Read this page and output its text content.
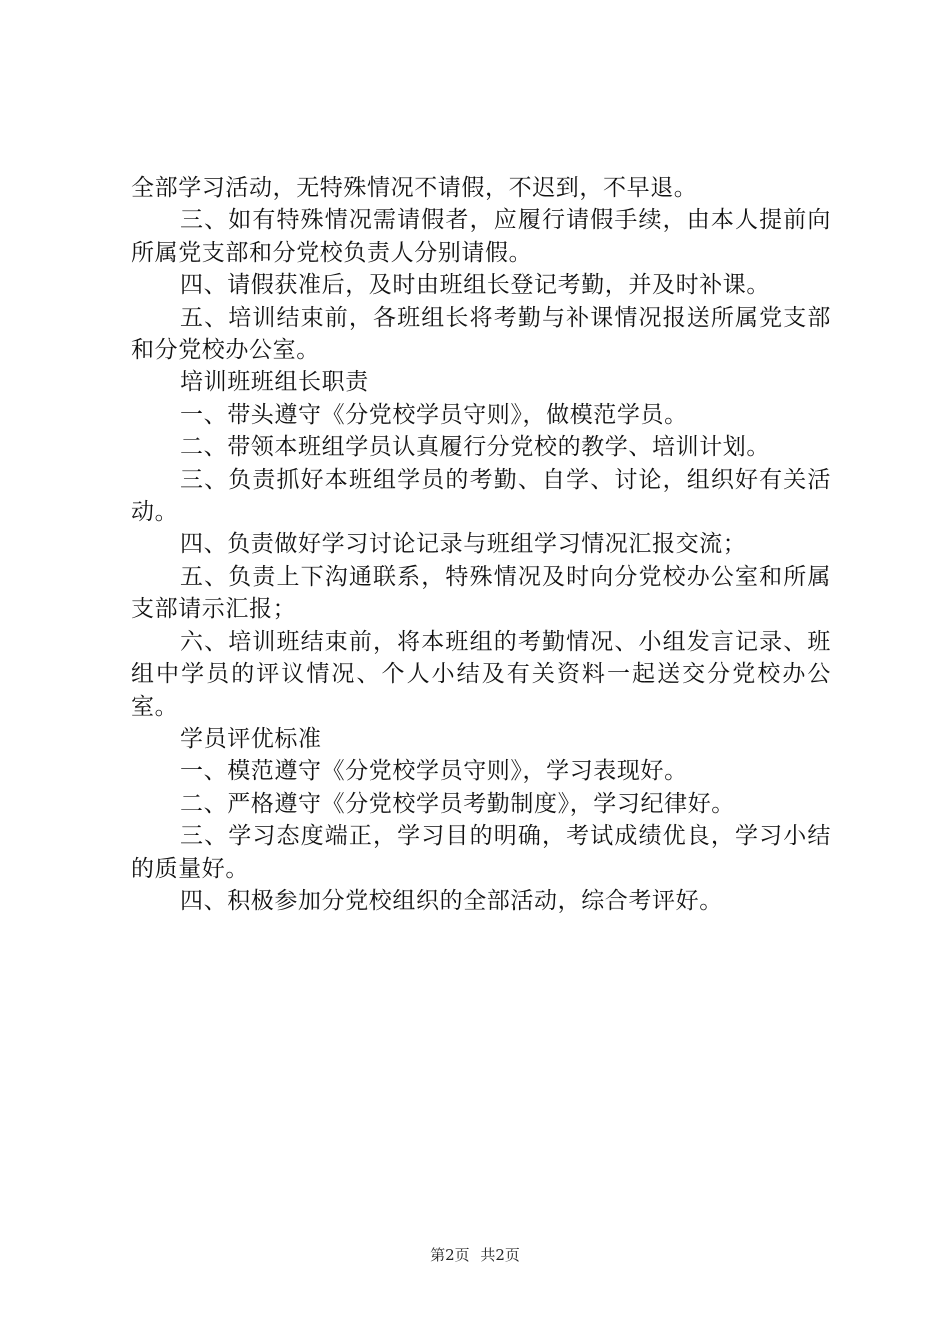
全部学习活动，无特殊情况不请假，不迟到，不早退。

三、如有特殊情况需请假者，应履行请假手续，由本人提前向所属党支部和分党校负责人分别请假。

四、请假获准后，及时由班组长登记考勤，并及时补课。

五、培训结束前，各班组长将考勤与补课情况报送所属党支部和分党校办公室。

培训班班组长职责

一、带头遵守《分党校学员守则》，做模范学员。

二、带领本班组学员认真履行分党校的教学、培训计划。

三、负责抓好本班组学员的考勤、自学、讨论，组织好有关活动。

四、负责做好学习讨论记录与班组学习情况汇报交流；

五、负责上下沟通联系，特殊情况及时向分党校办公室和所属支部请示汇报；

六、培训班结束前，将本班组的考勤情况、小组发言记录、班组中学员的评议情况、个人小结及有关资料一起送交分党校办公室。

学员评优标准

一、模范遵守《分党校学员守则》，学习表现好。

二、严格遵守《分党校学员考勤制度》，学习纪律好。

三、学习态度端正，学习目的明确，考试成绩优良，学习小结的质量好。

四、积极参加分党校组织的全部活动，综合考评好。

第2页 共2页
